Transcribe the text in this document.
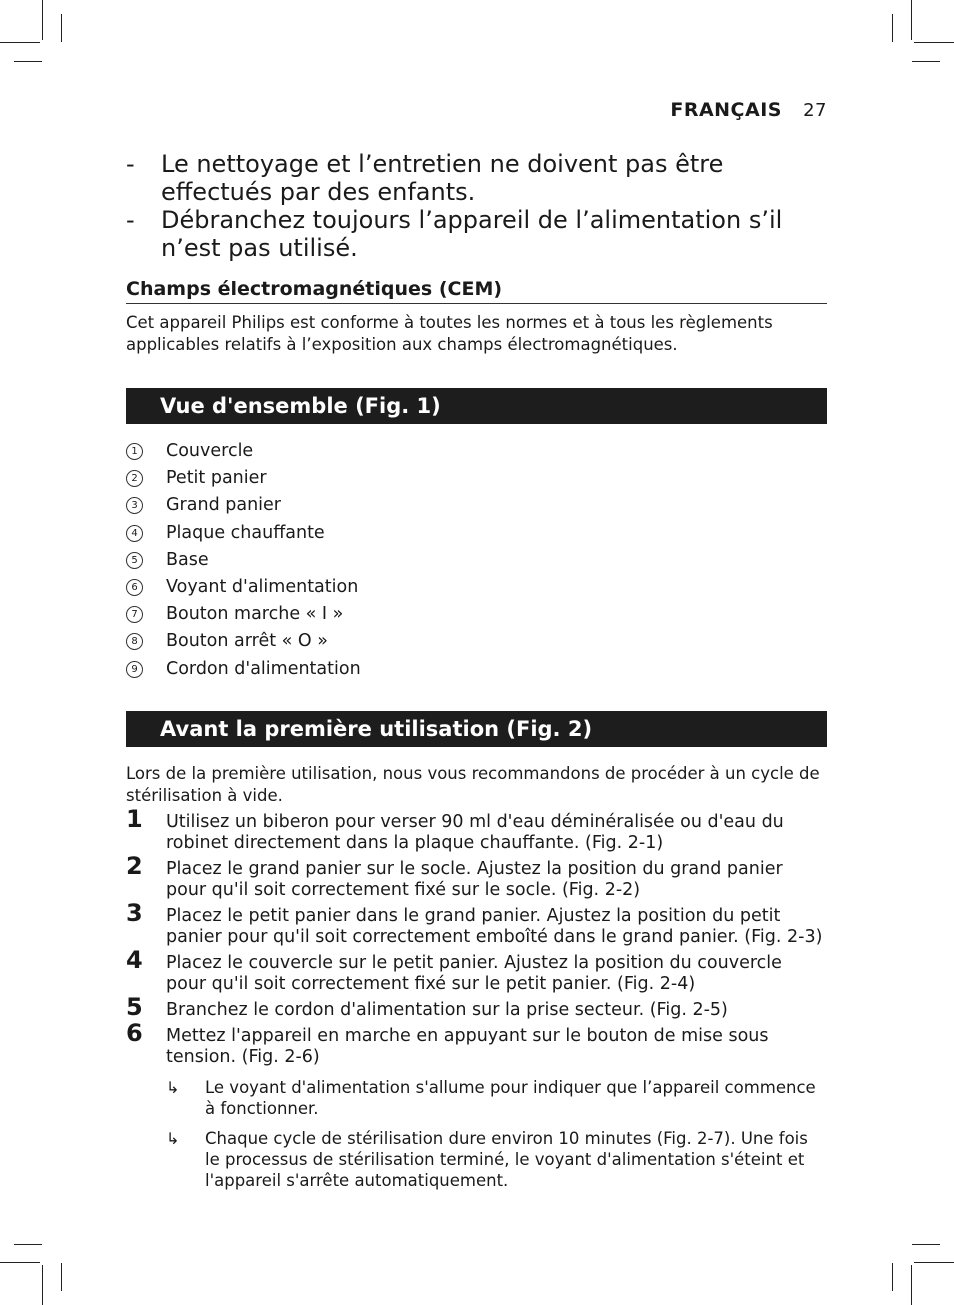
FRANÇAIS 27
- Le nettoyage et l’entretien ne doivent pas être effectués par des enfants.
- Débranchez toujours l’appareil de l’alimentation s’il n’est pas utilisé.
Champs électromagnétiques (CEM)
Cet appareil Philips est conforme à toutes les normes et à tous les règlements applicables relatifs à l’exposition aux champs électromagnétiques.
Vue d'ensemble (Fig. 1)
1	Couvercle
2	Petit panier
3	Grand panier
4	Plaque chauffante
5	Base
6	Voyant d'alimentation
7	Bouton marche « I »
8	Bouton arrêt « O »
9	Cordon d'alimentation
Avant la première utilisation (Fig. 2)
Lors de la première utilisation, nous vous recommandons de procéder à un cycle de stérilisation à vide.
1 Utilisez un biberon pour verser 90 ml d'eau déminéralisée ou d'eau du robinet directement dans la plaque chauffante. (Fig. 2-1)
2 Placez le grand panier sur le socle. Ajustez la position du grand panier pour qu'il soit correctement fixé sur le socle. (Fig. 2-2)
3 Placez le petit panier dans le grand panier. Ajustez la position du petit panier pour qu'il soit correctement emboîté dans le grand panier. (Fig. 2-3)
4 Placez le couvercle sur le petit panier. Ajustez la position du couvercle pour qu'il soit correctement fixé sur le petit panier. (Fig. 2-4)
5 Branchez le cordon d'alimentation sur la prise secteur. (Fig. 2-5)
6 Mettez l'appareil en marche en appuyant sur le bouton de mise sous tension. (Fig. 2-6)
↳ Le voyant d'alimentation s'allume pour indiquer que l’appareil commence à fonctionner.
↳ Chaque cycle de stérilisation dure environ 10 minutes (Fig. 2-7). Une fois le processus de stérilisation terminé, le voyant d'alimentation s'éteint et l'appareil s'arrête automatiquement.
